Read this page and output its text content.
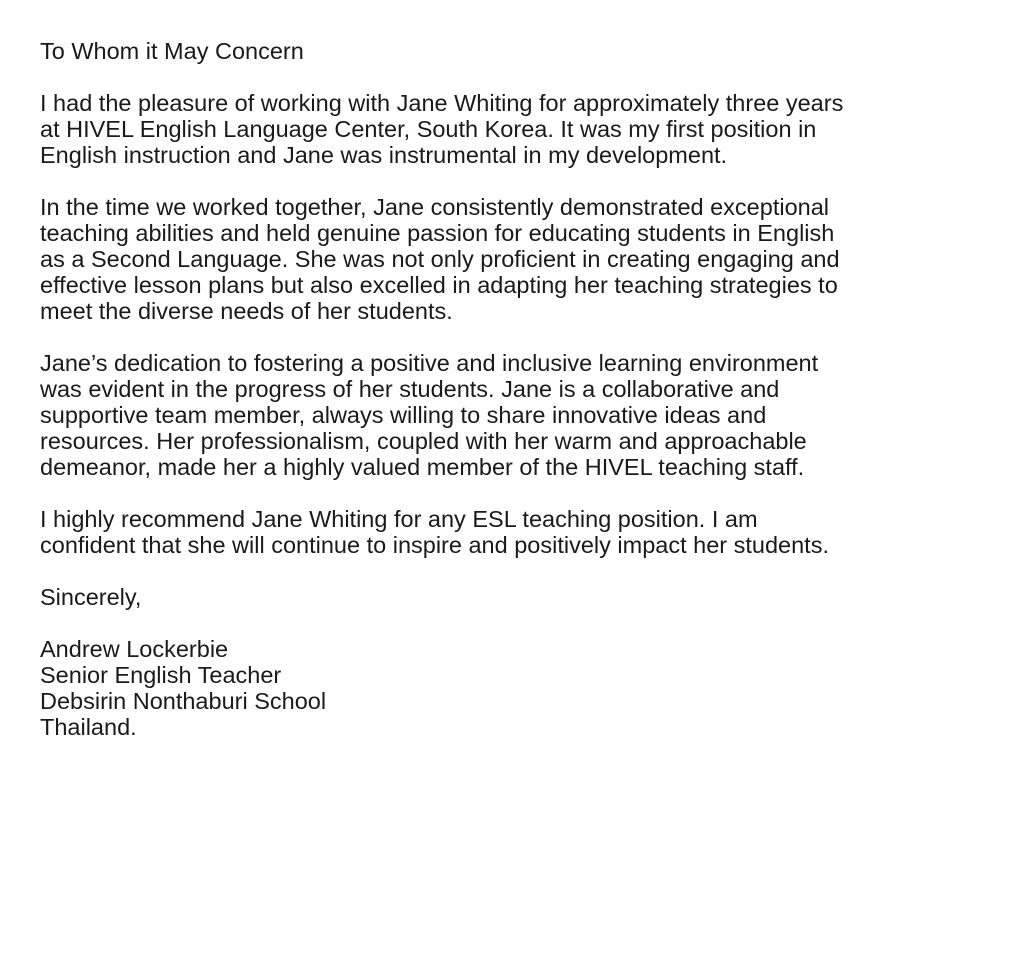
To Whom it May Concern
I had the pleasure of working with Jane Whiting for approximately three years
at HIVEL English Language Center, South Korea. It was my first position in
English instruction and Jane was instrumental in my development.
In the time we worked together, Jane consistently demonstrated exceptional
teaching abilities and held genuine passion for educating students in English
as a Second Language. She was not only proficient in creating engaging and
effective lesson plans but also excelled in adapting her teaching strategies to
meet the diverse needs of her students.
Jane’s dedication to fostering a positive and inclusive learning environment
was evident in the progress of her students. Jane is a collaborative and
supportive team member, always willing to share innovative ideas and
resources. Her professionalism, coupled with her warm and approachable
demeanor, made her a highly valued member of the HIVEL teaching staff.
I highly recommend Jane Whiting for any ESL teaching position. I am
confident that she will continue to inspire and positively impact her students.
Sincerely,
Andrew Lockerbie
Senior English Teacher
Debsirin Nonthaburi School
Thailand.
